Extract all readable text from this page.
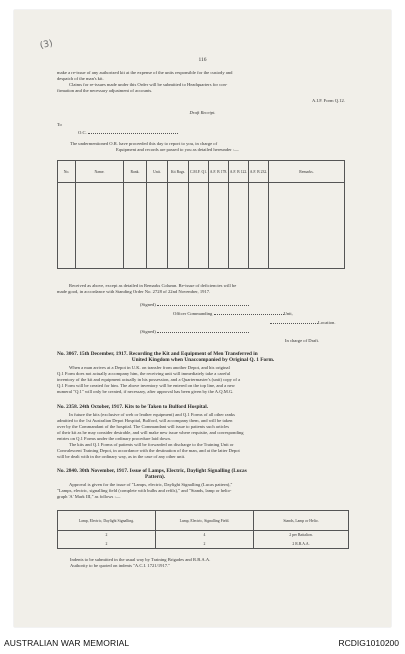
(3)
116
make a re-issue of any authorized kit at the expense of the units responsible for the custody and
despatch of the man's kit.
Claims for re-issues made under this Order will be submitted to Headquarters for con-
firmation and the necessary adjustment of accounts.
A.I.F. Form Q.12.
Draft Receipt.
To
O.C.
The undermentioned O.R. have proceeded this day to report to you, in charge of
Equipment and records are passed to you as detailed hereunder :—
No.	Name.	Rank.	Unit.	Kit Bags.	C.M.F. Q1.	A.F. B 178.	A.F. B 122.	A.F. B 232.	Remarks.

Received as above, except as detailed in Remarks Column. Re-issue of deficiencies will be
made good, in accordance with Standing Order No. 2728 of 22nd November, 1917.
(Signed)
Officer Commanding	Unit,
Location.
(Signed)
In charge of Draft.
No. 3067. 15th December, 1917. Recording the Kit and Equipment of Men Transferred in
United Kingdom when Unaccompanied by Original Q. 1 Form.
When a man arrives at a Depot in U.K. on transfer from another Depot, and his original
Q.1 Form does not actually accompany him, the receiving unit will immediately take a careful
inventory of the kit and equipment actually in his possession, and a Quartermaster's (unit) copy of a
Q.1 Form will be created for him. The above inventory will be entered on the top line, and a new
numeral "Q.1" will only be created, if necessary, after approval has been given by the A.Q.M.G.
No. 2358. 24th October, 1917. Kits to be Taken to Bulford Hospital.
In future the kits (exclusive of web or leather equipment) and Q.1 Forms of all other ranks
admitted to the 1st Australian Depot Hospital, Bulford, will accompany them, and will be taken
over by the Commandant of the hospital. The Commandant will issue to patients such articles
of their kit as he may consider desirable, and will make new issue where requisite, and corresponding
entries on Q.1 Forms under the ordinary procedure laid down.
The kits and Q.1 Forms of patients will be forwarded on discharge to the Training Unit or
Convalescent Training Depot, in accordance with the destination of the man, and at the latter Depot
will be dealt with in the ordinary way, as in the case of any other unit.
No. 2840. 30th November, 1917. Issue of Lamps, Electric, Daylight Signalling (Lucas
Pattern).
Approval is given for the issue of "Lamps, electric, Daylight Signalling (Lucas pattern),"
"Lamps, electric, signalling field (complete with bulbs and refils)," and "Stands, lamp or helio-
graph 'A' Mark III," as follows :—
Lamp, Electric, Daylight Signalling.	Lamp, Electric, Signalling Field.	Stands, Lamp or Helio.
2	4	2 per Battalion.
2	2	2 R.B.A.A.
Indents to be submitted in the usual way by Training Brigades and R.B.A.A.
Authority to be quoted on indents "A.C.I. 1721/1917."
AUSTRALIAN WAR MEMORIAL	RCDIG1010200
